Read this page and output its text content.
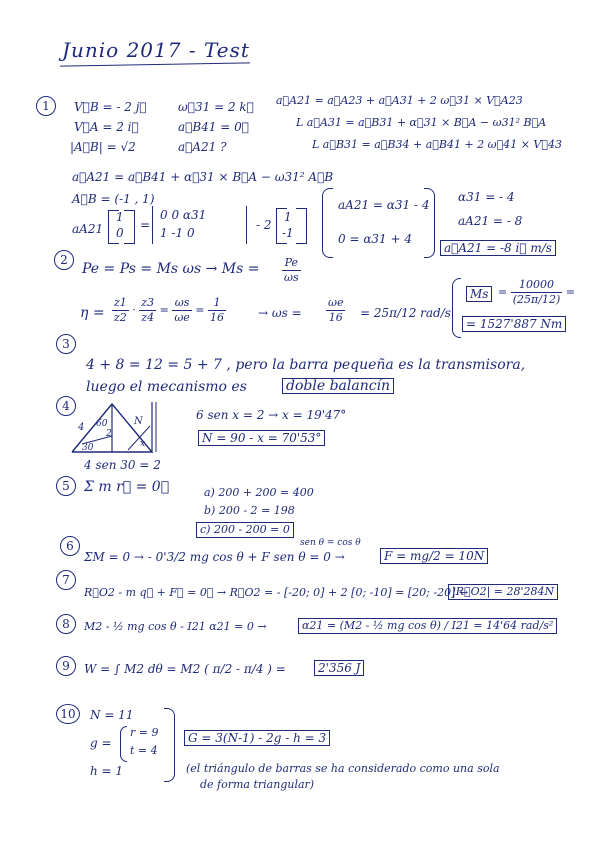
Junio 2017 - Test
1	V⃗B = - 2 j⃗
V⃗A = 2 i⃗
|A⃗B| = √2
ω⃗31 = 2 k⃗
a⃗B41 = 0⃗
a⃗A21 ?
a⃗A21 = a⃗A23 + a⃗A31 + 2 ω⃗31 × V⃗A23
L a⃗A31 = a⃗B31 + α⃗31 × B⃗A − ω31² B⃗A
L a⃗B31 = a⃗B34 + a⃗B41 + 2 ω⃗41 × V⃗43
a⃗A21 = a⃗B41 + α⃗31 × B⃗A − ω31² A⃗B
A⃗B = (-1 , 1)
aA21
1
0
=
0 0 α31
1 -1 0
- 2
1
-1
aA21 = α31 - 4
0 = α31 + 4
α31 = - 4
aA21 = - 8
a⃗A21 = -8 i⃗ m/s
2
Pe = Ps = Ms $\omega s \to Ms = \frac{Pe}{\omega s}$
$\eta = \frac{z1}{z2} \cdot \frac{z3}{z4} = \frac{\omega s}{\omega e} = \frac{1}{16}$	→ $\omega s = \frac{\omega e}{16} = 25\pi/12$ rad/s
$Ms = \frac{10000}{(25\pi/12)}$ =
= 1527'887 Nm
3
4 + 8 = 12 = 5 + 7 , pero la barra pequeña es la transmisora,
luego el mecanismo es	doble balancín
4
4 60
30
2
N
x
4 sen 30 = 2
6 sen x = 2 → x = 19'47°
N = 90 - x = 70'53°
5	Σ m r⃗ = 0⃗	a) 200 + 200 = 400
b) 200 - 2 = 198
c) 200 - 200 = 0
6
ΣM = 0 → - 0'3/2 mg cos θ + F sen θ = 0 →
sen θ = cos θ
F = mg/2 = 10N
7
R⃗O2 - m q⃗ + F⃗ = 0⃗ → R⃗O2 = - [-20; 0] + 2 [0; -10] = [20; -20] →
|R⃗O2| = 28'284N
8	M2 - ½ mg cos θ - I21 α21 = 0 →	α21 = (M2 - ½ mg cos θ) / I21 = 14'64 rad/s²
9	W = ∫ M2 dθ = M2 ( π/2 - π/4 ) =	2'356 J
10	N = 11
g =
r = 9
t = 4
h = 1
G = 3(N-1) - 2g - h = 3
(el triángulo de barras se ha considerado como una sola
de forma triangular)
